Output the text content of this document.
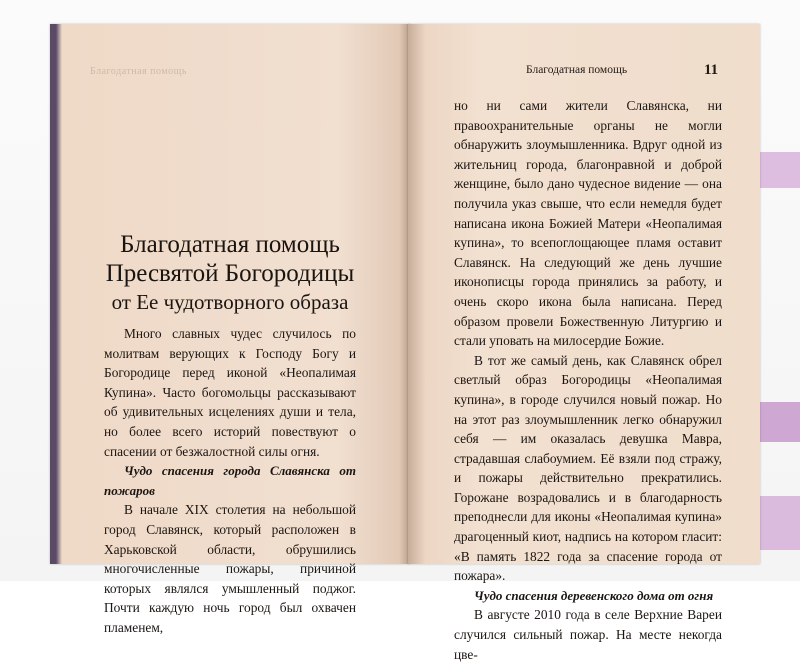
Благодатная помощь
Благодатная помощь
Пресвятой Богородицы
от Ее чудотворного образа

Много славных чудес случилось по молитвам верующих к Господу Богу и Богородице перед иконой «Неопалимая Купина». Часто богомольцы рассказывают об удивительных исцелениях души и тела, но более всего историй повествуют о спасении от безжалостной силы огня.

Чудо спасения города Славянска от пожаров

В начале XIX столетия на небольшой город Славянск, который расположен в Харьковской области, обрушились многочисленные пожары, причиной которых являлся умышленный поджог. Почти каждую ночь город был охвачен пламенем,

Благодатная помощь	11

но ни сами жители Славянска, ни правоохранительные органы не могли обнаружить злоумышленника. Вдруг одной из жительниц города, благонравной и доброй женщине, было дано чудесное видение — она получила указ свыше, что если немедля будет написана икона Божией Матери «Неопалимая купина», то всепоглощающее пламя оставит Славянск. На следующий же день лучшие иконописцы города принялись за работу, и очень скоро икона была написана. Перед образом провели Божественную Литургию и стали уповать на милосердие Божие.

В тот же самый день, как Славянск обрел светлый образ Богородицы «Неопалимая купина», в городе случился новый пожар. Но на этот раз злоумышленник легко обнаружил себя — им оказалась девушка Мавра, страдавшая слабоумием. Её взяли под стражу, и пожары действительно прекратились. Горожане возрадовались и в благодарность преподнесли для иконы «Неопалимая купина» драгоценный киот, надпись на котором гласит: «В память 1822 года за спасение города от пожара».

Чудо спасения деревенского дома от огня

В августе 2010 года в селе Верхние Вареи случился сильный пожар. На месте некогда цве-
